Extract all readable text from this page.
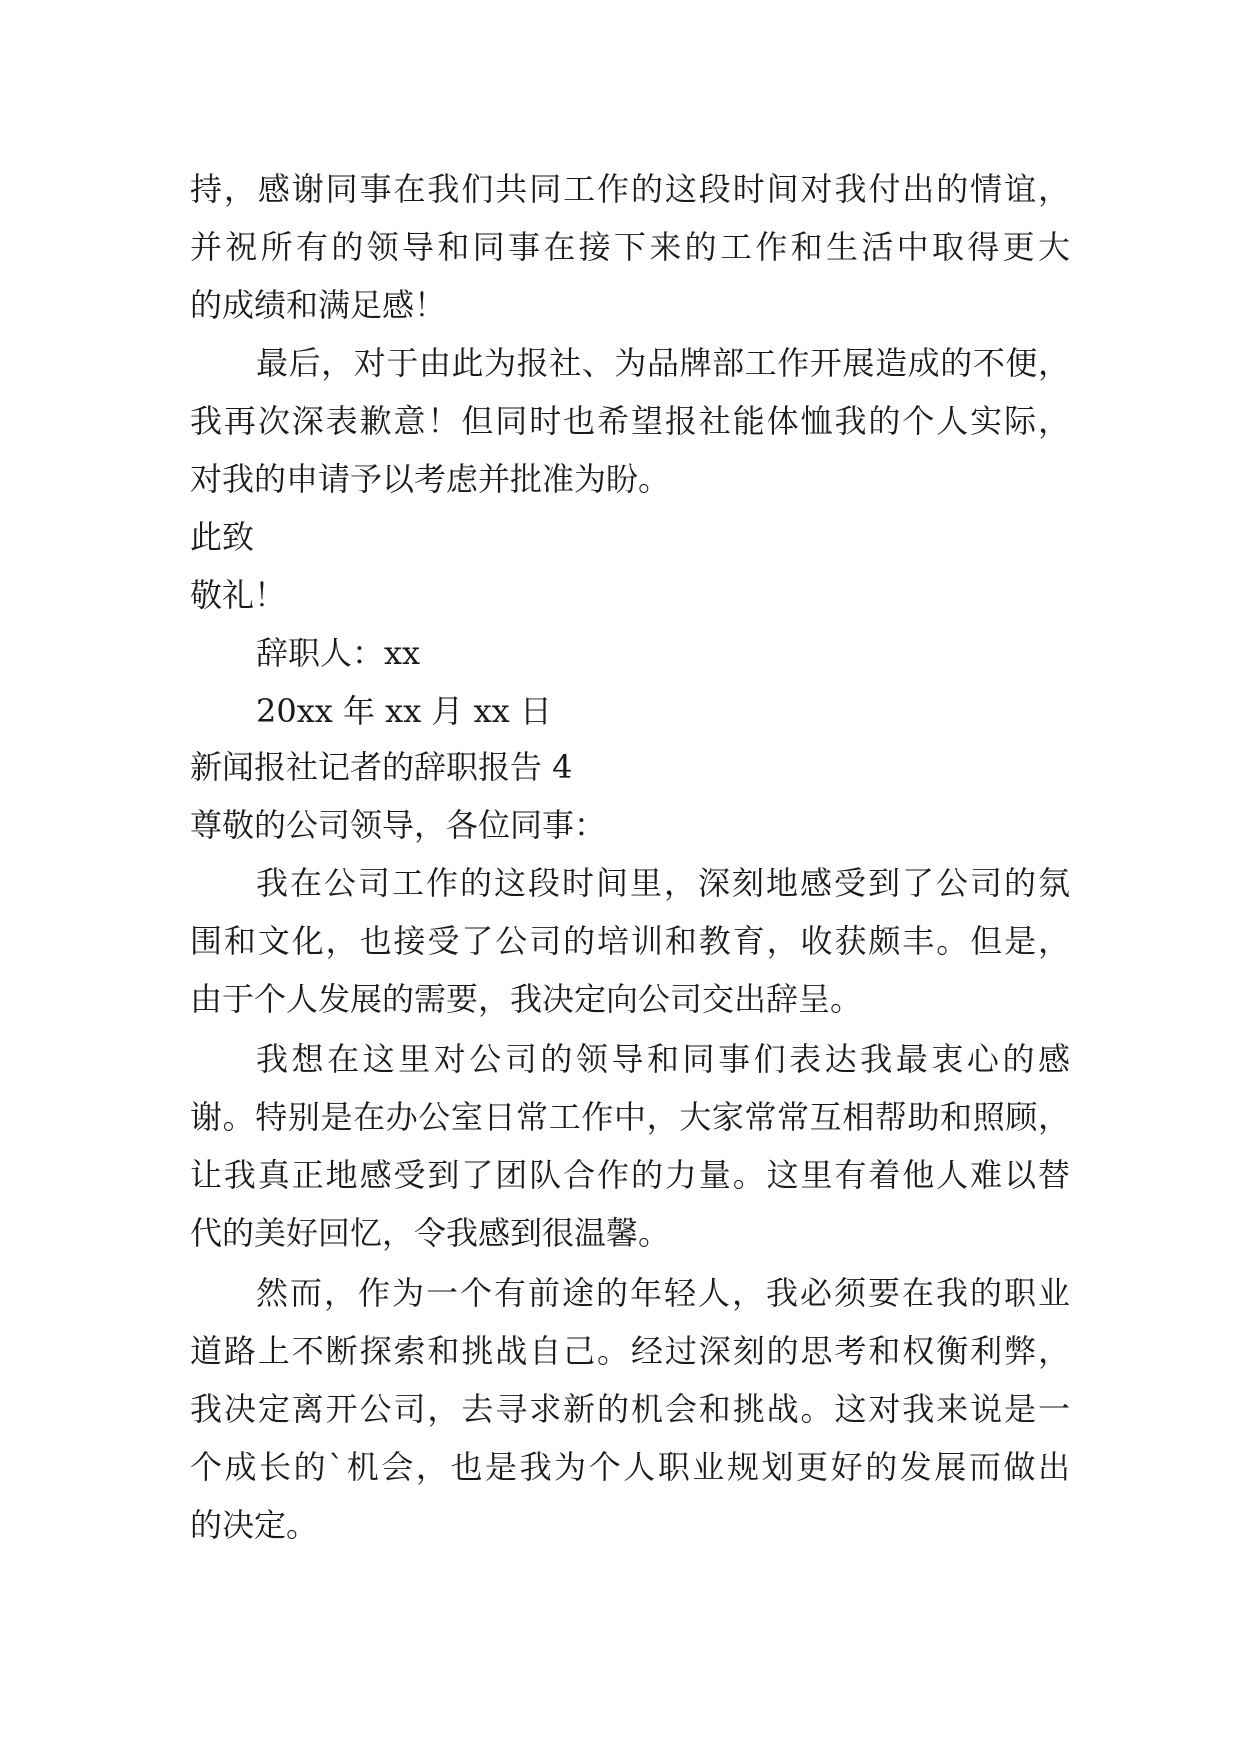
持，感谢同事在我们共同工作的这段时间对我付出的情谊，
并祝所有的领导和同事在接下来的工作和生活中取得更大
的成绩和满足感！
最后，对于由此为报社、为品牌部工作开展造成的不便，
我再次深表歉意！但同时也希望报社能体恤我的个人实际，
对我的申请予以考虑并批准为盼。
此致
敬礼！
辞职人：xx
20xx 年 xx 月 xx 日
新闻报社记者的辞职报告 4
尊敬的公司领导，各位同事：
我在公司工作的这段时间里，深刻地感受到了公司的氛
围和文化，也接受了公司的培训和教育，收获颇丰。但是，
由于个人发展的需要，我决定向公司交出辞呈。
我想在这里对公司的领导和同事们表达我最衷心的感
谢。特别是在办公室日常工作中，大家常常互相帮助和照顾，
让我真正地感受到了团队合作的力量。这里有着他人难以替
代的美好回忆，令我感到很温馨。
然而，作为一个有前途的年轻人，我必须要在我的职业
道路上不断探索和挑战自己。经过深刻的思考和权衡利弊，
我决定离开公司，去寻求新的机会和挑战。这对我来说是一
个成长的`机会，也是我为个人职业规划更好的发展而做出
的决定。
